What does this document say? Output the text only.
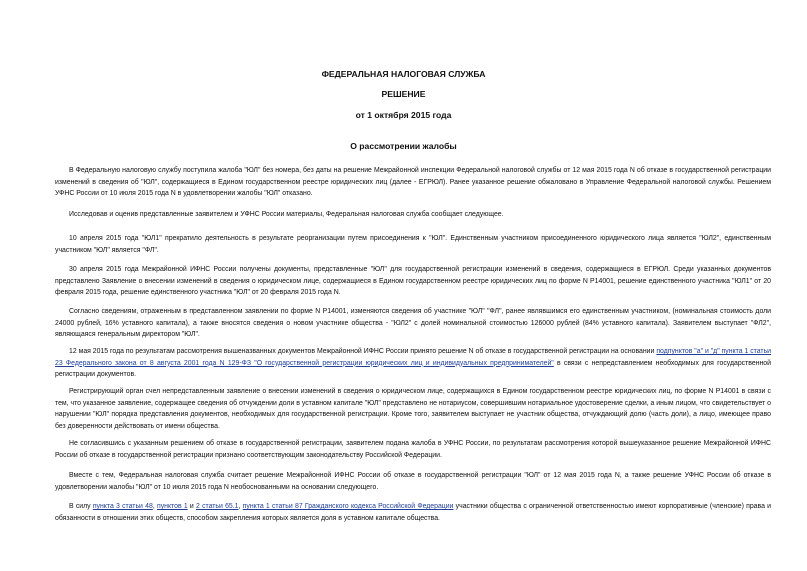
ФЕДЕРАЛЬНАЯ НАЛОГОВАЯ СЛУЖБА
РЕШЕНИЕ
от 1 октября 2015 года
О рассмотрении жалобы

В Федеральную налоговую службу поступила жалоба "ЮЛ" без номера, без даты на решение Межрайонной инспекции Федеральной налоговой службы от 12 мая 2015 года N об отказе в государственной регистрации изменений в сведения об "ЮЛ", содержащиеся в Едином государственном реестре юридических лиц (далее - ЕГРЮЛ). Ранее указанное решение обжаловано в Управление Федеральной налоговой службы. Решением УФНС России от 10 июля 2015 года N в удовлетворении жалобы "ЮЛ" отказано.

Исследовав и оценив представленные заявителем и УФНС России материалы, Федеральная налоговая служба сообщает следующее.

10 апреля 2015 года "ЮЛ1" прекратило деятельность в результате реорганизации путем присоединения к "ЮЛ". Единственным участником присоединенного юридического лица является "ЮЛ2", единственным участником "ЮЛ" является "ФЛ".

30 апреля 2015 года Межрайонной ИФНС России получены документы, представленные "ЮЛ" для государственной регистрации изменений в сведения, содержащиеся в ЕГРЮЛ. Среди указанных документов представлено Заявление о внесении изменений в сведения о юридическом лице, содержащиеся в Едином государственном реестре юридических лиц по форме N Р14001, решение единственного участника "ЮЛ1" от 20 февраля 2015 года, решение единственного участника "ЮЛ" от 20 февраля 2015 года N.

Согласно сведениям, отраженным в представленном заявлении по форме N Р14001, изменяются сведения об участнике "ЮЛ" "ФЛ", ранее являвшимся его единственным участником, (номинальная стоимость доли 24000 рублей, 16% уставного капитала), а также вносятся сведения о новом участнике общества - "ЮЛ2" с долей номинальной стоимостью 126000 рублей (84% уставного капитала). Заявителем выступает "ФЛ2", являющаяся генеральным директором "ЮЛ".

12 мая 2015 года по результатам рассмотрения вышеназванных документов Межрайонной ИФНС России принято решение N об отказе в государственной регистрации на основании подпунктов "а" и "д" пункта 1 статьи 23 Федерального закона от 8 августа 2001 года N 129-ФЗ "О государственной регистрации юридических лиц и индивидуальных предпринимателей" в связи с непредставлением необходимых для государственной регистрации документов.

Регистрирующий орган счел непредставленным заявление о внесении изменений в сведения о юридическом лице, содержащихся в Едином государственном реестре юридических лиц, по форме N Р14001 в связи с тем, что указанное заявление, содержащее сведения об отчуждении доли в уставном капитале "ЮЛ" представлено не нотариусом, совершившим нотариальное удостоверение сделки, а иным лицом, что свидетельствует о нарушении "ЮЛ" порядка представления документов, необходимых для государственной регистрации. Кроме того, заявителем выступает не участник общества, отчуждающий долю (часть доли), а лицо, имеющее право без доверенности действовать от имени общества.

Не согласившись с указанным решением об отказе в государственной регистрации, заявителем подана жалоба в УФНС России, по результатам рассмотрения которой вышеуказанное решение Межрайонной ИФНС России об отказе в государственной регистрации признано соответствующим законодательству Российской Федерации.

Вместе с тем, Федеральная налоговая служба считает решение Межрайонной ИФНС России об отказе в государственной регистрации "ЮЛ" от 12 мая 2015 года N, а также решение УФНС России об отказе в удовлетворении жалобы "ЮЛ" от 10 июля 2015 года N необоснованными на основании следующего.

В силу пункта 3 статьи 48, пунктов 1 и 2 статьи 65.1, пункта 1 статьи 87 Гражданского кодекса Российской Федерации участники общества с ограниченной ответственностью имеют корпоративные (членские) права и обязанности в отношении этих обществ, способом закрепления которых является доля в уставном капитале общества.
